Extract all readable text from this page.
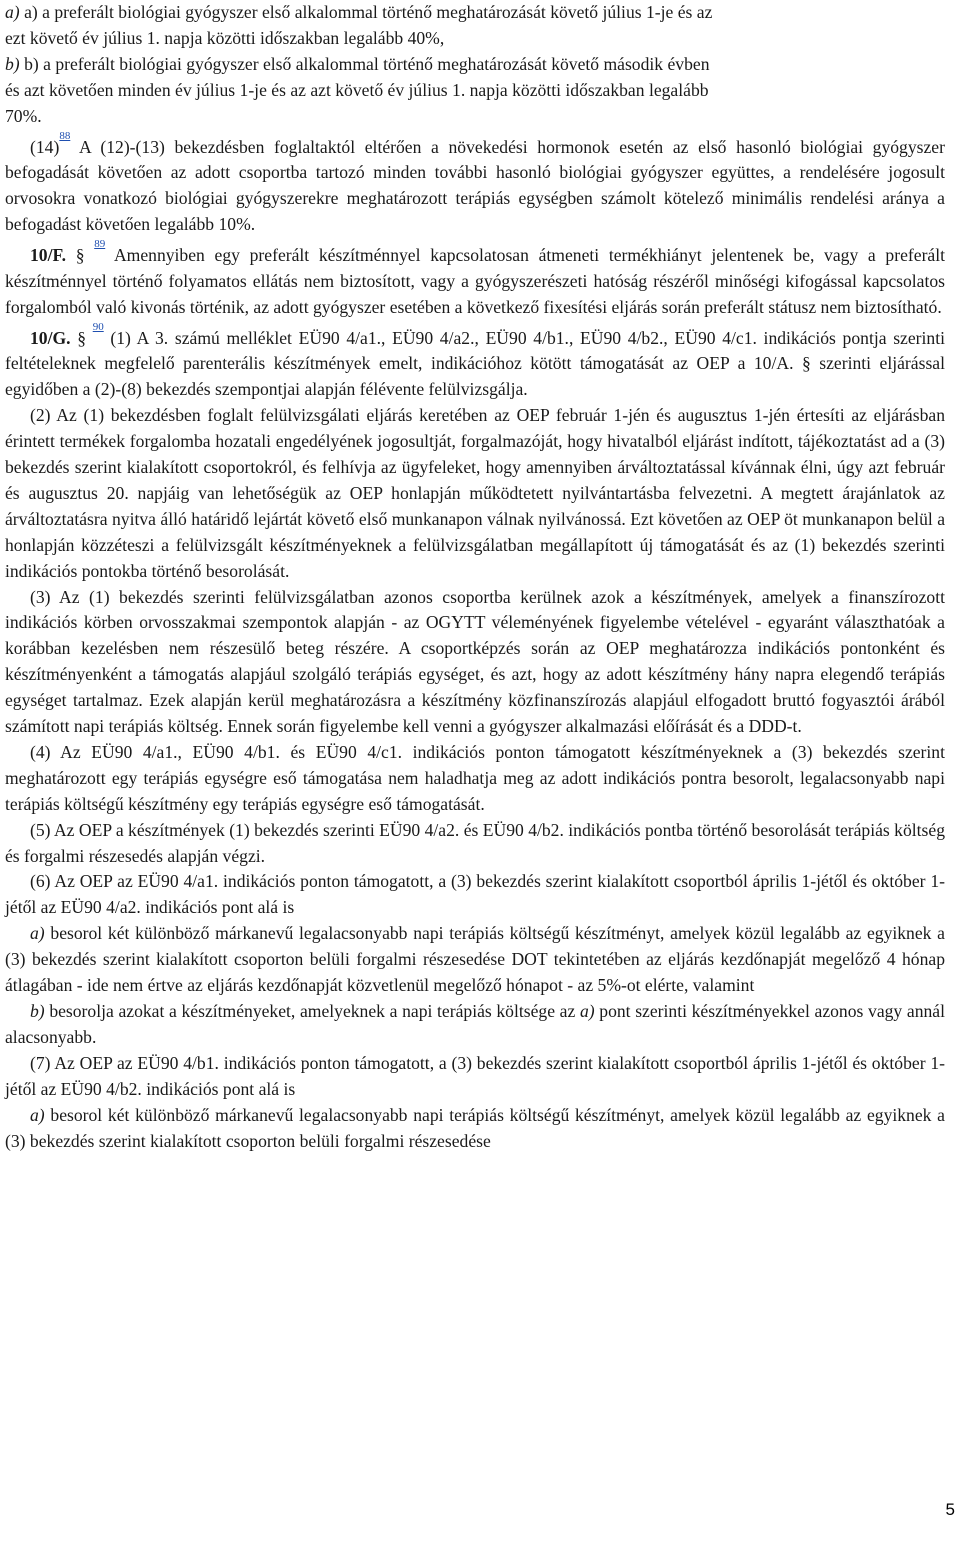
a) a) a preferált biológiai gyógyszer első alkalommal történő meghatározását követő július 1-je és az

ezt követő év július 1. napja közötti időszakban legalább 40%,

b) b) a preferált biológiai gyógyszer első alkalommal történő meghatározását követő második évben

és azt követően minden év július 1-je és az azt követő év július 1. napja közötti időszakban legalább

70%.

(14)$^{^{88}}$ A (12)-(13) bekezdésben foglaltaktól eltérően a növekedési hormonok esetén az első hasonló biológiai gyógyszer befogadását követően az adott csoportba tartozó minden további hasonló biológiai gyógyszer együttes, a rendelésére jogosult orvosokra vonatkozó biológiai gyógyszerekre meghatározott terápiás egységben számolt kötelező minimális rendelési aránya a befogadást követően legalább 10%.

10/F. § $^{^{89}}$ Amennyiben egy preferált készítménnyel kapcsolatosan átmeneti termékhiányt jelentenek be, vagy a preferált készítménnyel történő folyamatos ellátás nem biztosított, vagy a gyógyszerészeti hatóság részéről minőségi kifogással kapcsolatos forgalomból való kivonás történik, az adott gyógyszer esetében a következő fixesítési eljárás során preferált státusz nem biztosítható.

10/G. § $^{^{90}}$ (1) A 3. számú melléklet EÜ90 4/a1., EÜ90 4/a2., EÜ90 4/b1., EÜ90 4/b2., EÜ90 4/c1. indikációs pontja szerinti feltételeknek megfelelő parenterális készítmények emelt, indikációhoz kötött támogatását az OEP a 10/A. § szerinti eljárással egyidőben a (2)-(8) bekezdés szempontjai alapján félévente felülvizsgálja.

(2) Az (1) bekezdésben foglalt felülvizsgálati eljárás keretében az OEP február 1-jén és augusztus 1-jén értesíti az eljárásban érintett termékek forgalomba hozatali engedélyének jogosultját, forgalmazóját, hogy hivatalból eljárást indított, tájékoztatást ad a (3) bekezdés szerint kialakított csoportokról, és felhívja az ügyfeleket, hogy amennyiben árváltoztatással kívánnak élni, úgy azt február és augusztus 20. napjáig van lehetőségük az OEP honlapján működtetett nyilvántartásba felvezetni. A megtett árajánlatok az árváltoztatásra nyitva álló határidő lejártát követő első munkanapon válnak nyilvánossá. Ezt követően az OEP öt munkanapon belül a honlapján közzéteszi a felülvizsgált készítményeknek a felülvizsgálatban megállapított új támogatását és az (1) bekezdés szerinti indikációs pontokba történő besorolását.

(3) Az (1) bekezdés szerinti felülvizsgálatban azonos csoportba kerülnek azok a készítmények, amelyek a finanszírozott indikációs körben orvosszakmai szempontok alapján - az OGYTT véleményének figyelembe vételével - egyaránt választhatóak a korábban kezelésben nem részesülő beteg részére. A csoportképzés során az OEP meghatározza indikációs pontonként és készítményenként a támogatás alapjául szolgáló terápiás egységet, és azt, hogy az adott készítmény hány napra elegendő terápiás egységet tartalmaz. Ezek alapján kerül meghatározásra a készítmény közfinanszírozás alapjául elfogadott bruttó fogyasztói árából számított napi terápiás költség. Ennek során figyelembe kell venni a gyógyszer alkalmazási előírását és a DDD-t.

(4) Az EÜ90 4/a1., EÜ90 4/b1. és EÜ90 4/c1. indikációs ponton támogatott készítményeknek a (3) bekezdés szerint meghatározott egy terápiás egységre eső támogatása nem haladhatja meg az adott indikációs pontra besorolt, legalacsonyabb napi terápiás költségű készítmény egy terápiás egységre eső támogatását.

(5) Az OEP a készítmények (1) bekezdés szerinti EÜ90 4/a2. és EÜ90 4/b2. indikációs pontba történő besorolását terápiás költség és forgalmi részesedés alapján végzi.

(6) Az OEP az EÜ90 4/a1. indikációs ponton támogatott, a (3) bekezdés szerint kialakított csoportból április 1-jétől és október 1-jétől az EÜ90 4/a2. indikációs pont alá is

a) besorol két különböző márkanevű legalacsonyabb napi terápiás költségű készítményt, amelyek közül legalább az egyiknek a (3) bekezdés szerint kialakított csoporton belüli forgalmi részesedése DOT tekintetében az eljárás kezdőnapját megelőző 4 hónap átlagában - ide nem értve az eljárás kezdőnapját közvetlenül megelőző hónapot - az 5%-ot elérte, valamint

b) besorolja azokat a készítményeket, amelyeknek a napi terápiás költsége az a) pont szerinti készítményekkel azonos vagy annál alacsonyabb.

(7) Az OEP az EÜ90 4/b1. indikációs ponton támogatott, a (3) bekezdés szerint kialakított csoportból április 1-jétől és október 1-jétől az EÜ90 4/b2. indikációs pont alá is

a) besorol két különböző márkanevű legalacsonyabb napi terápiás költségű készítményt, amelyek közül legalább az egyiknek a (3) bekezdés szerint kialakított csoporton belüli forgalmi részesedése

5
